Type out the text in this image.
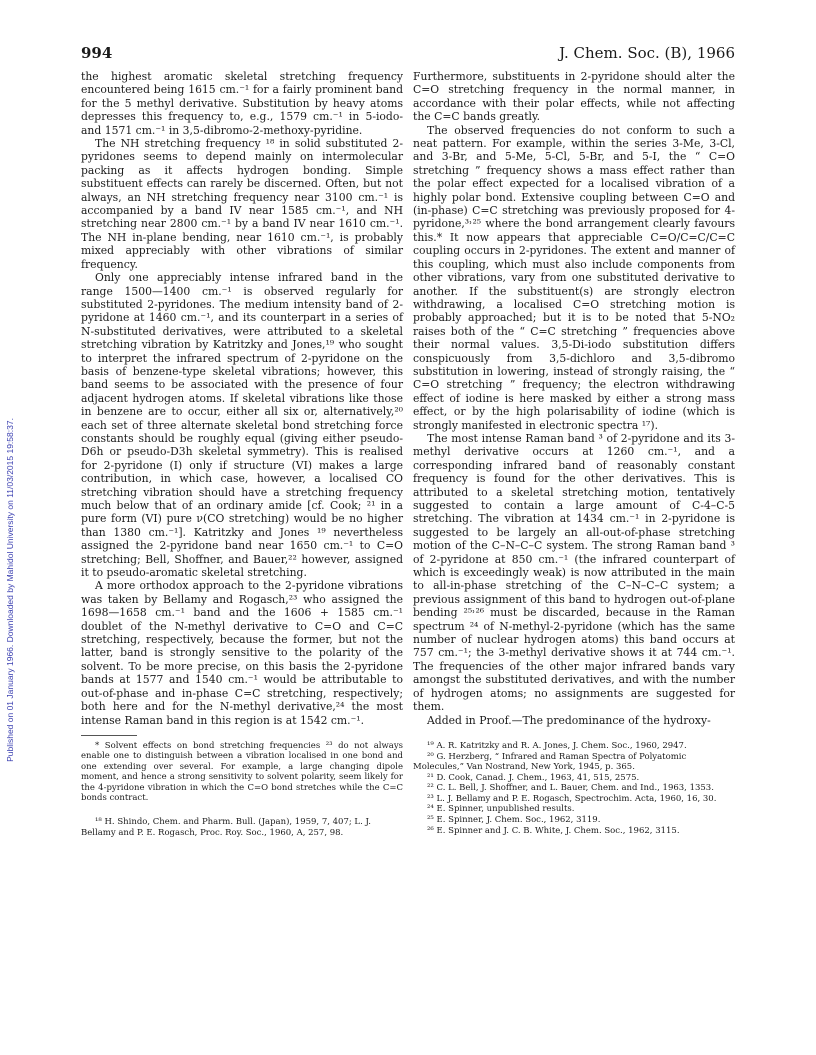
Published on 01 January 1966. Downloaded by Mahidol University on 11/03/2015 19:58:37.
994	J. Chem. Soc. (B), 1966

the highest aromatic skeletal stretching frequency encountered being 1615 cm.⁻¹ for a fairly prominent band for the 5 methyl derivative. Substitution by heavy atoms depresses this frequency to, e.g., 1579 cm.⁻¹ in 5-iodo- and 1571 cm.⁻¹ in 3,5-dibromo-2-methoxy-pyridine.

The NH stretching frequency ¹⁸ in solid substituted 2-pyridones seems to depend mainly on intermolecular packing as it affects hydrogen bonding. Simple substituent effects can rarely be discerned. Often, but not always, an NH stretching frequency near 3100 cm.⁻¹ is accompanied by a band IV near 1585 cm.⁻¹, and NH stretching near 2800 cm.⁻¹ by a band IV near 1610 cm.⁻¹. The NH in-plane bending, near 1610 cm.⁻¹, is probably mixed appreciably with other vibrations of similar frequency.

Only one appreciably intense infrared band in the range 1500—1400 cm.⁻¹ is observed regularly for substituted 2-pyridones. The medium intensity band of 2-pyridone at 1460 cm.⁻¹, and its counterpart in a series of N-substituted derivatives, were attributed to a skeletal stretching vibration by Katritzky and Jones,¹⁹ who sought to interpret the infrared spectrum of 2-pyridone on the basis of benzene-type skeletal vibrations; however, this band seems to be associated with the presence of four adjacent hydrogen atoms. If skeletal vibrations like those in benzene are to occur, either all six or, alternatively,²⁰ each set of three alternate skeletal bond stretching force constants should be roughly equal (giving either pseudo-D6h or pseudo-D3h skeletal symmetry). This is realised for 2-pyridone (I) only if structure (VI) makes a large contribution, in which case, however, a localised CO stretching vibration should have a stretching frequency much below that of an ordinary amide [cf. Cook; ²¹ in a pure form (VI) pure ν(CO stretching) would be no higher than 1380 cm.⁻¹]. Katritzky and Jones ¹⁹ nevertheless assigned the 2-pyridone band near 1650 cm.⁻¹ to C=O stretching; Bell, Shoffner, and Bauer,²² however, assigned it to pseudo-aromatic skeletal stretching.

A more orthodox approach to the 2-pyridone vibrations was taken by Bellamy and Rogasch,²³ who assigned the 1698—1658 cm.⁻¹ band and the 1606 + 1585 cm.⁻¹ doublet of the N-methyl derivative to C=O and C=C stretching, respectively, because the former, but not the latter, band is strongly sensitive to the polarity of the solvent. To be more precise, on this basis the 2-pyridone bands at 1577 and 1540 cm.⁻¹ would be attributable to out-of-phase and in-phase C=C stretching, respectively; both here and for the N-methyl derivative,²⁴ the most intense Raman band in this region is at 1542 cm.⁻¹.

* Solvent effects on bond stretching frequencies ²³ do not always enable one to distinguish between a vibration localised in one bond and one extending over several. For example, a large changing dipole moment, and hence a strong sensitivity to solvent polarity, seem likely for the 4-pyridone vibration in which the C=O bond stretches while the C=C bonds contract.

¹⁸ H. Shindo, Chem. and Pharm. Bull. (Japan), 1959, 7, 407; L. J. Bellamy and P. E. Rogasch, Proc. Roy. Soc., 1960, A, 257, 98.

Furthermore, substituents in 2-pyridone should alter the C=O stretching frequency in the normal manner, in accordance with their polar effects, while not affecting the C=C bands greatly.

The observed frequencies do not conform to such a neat pattern. For example, within the series 3-Me, 3-Cl, and 3-Br, and 5-Me, 5-Cl, 5-Br, and 5-I, the “ C=O stretching ” frequency shows a mass effect rather than the polar effect expected for a localised vibration of a highly polar bond. Extensive coupling between C=O and (in-phase) C=C stretching was previously proposed for 4-pyridone,³˒²⁵ where the bond arrangement clearly favours this.* It now appears that appreciable C=O/C=C/C=C coupling occurs in 2-pyridones. The extent and manner of this coupling, which must also include components from other vibrations, vary from one substituted derivative to another. If the substituent(s) are strongly electron withdrawing, a localised C=O stretching motion is probably approached; but it is to be noted that 5-NO₂ raises both of the “ C=C stretching ” frequencies above their normal values. 3,5-Di-iodo substitution differs conspicuously from 3,5-dichloro and 3,5-dibromo substitution in lowering, instead of strongly raising, the “ C=O stretching ” frequency; the electron withdrawing effect of iodine is here masked by either a strong mass effect, or by the high polarisability of iodine (which is strongly manifested in electronic spectra ¹⁷).

The most intense Raman band ³ of 2-pyridone and its 3-methyl derivative occurs at 1260 cm.⁻¹, and a corresponding infrared band of reasonably constant frequency is found for the other derivatives. This is attributed to a skeletal stretching motion, tentatively suggested to contain a large amount of C-4–C-5 stretching. The vibration at 1434 cm.⁻¹ in 2-pyridone is suggested to be largely an all-out-of-phase stretching motion of the C–N–C–C system. The strong Raman band ³ of 2-pyridone at 850 cm.⁻¹ (the infrared counterpart of which is exceedingly weak) is now attributed in the main to all-in-phase stretching of the C–N–C–C system; a previous assignment of this band to hydrogen out-of-plane bending ²⁵˒²⁶ must be discarded, because in the Raman spectrum ²⁴ of N-methyl-2-pyridone (which has the same number of nuclear hydrogen atoms) this band occurs at 757 cm.⁻¹; the 3-methyl derivative shows it at 744 cm.⁻¹. The frequencies of the other major infrared bands vary amongst the substituted derivatives, and with the number of hydrogen atoms; no assignments are suggested for them.

Added in Proof.—The predominance of the hydroxy-

¹⁹ A. R. Katritzky and R. A. Jones, J. Chem. Soc., 1960, 2947.

²⁰ G. Herzberg, “ Infrared and Raman Spectra of Polyatomic Molecules,” Van Nostrand, New York, 1945, p. 365.

²¹ D. Cook, Canad. J. Chem., 1963, 41, 515, 2575.

²² C. L. Bell, J. Shoffner, and L. Bauer, Chem. and Ind., 1963, 1353.

²³ L. J. Bellamy and P. E. Rogasch, Spectrochim. Acta, 1960, 16, 30.

²⁴ E. Spinner, unpublished results.

²⁵ E. Spinner, J. Chem. Soc., 1962, 3119.

²⁶ E. Spinner and J. C. B. White, J. Chem. Soc., 1962, 3115.
